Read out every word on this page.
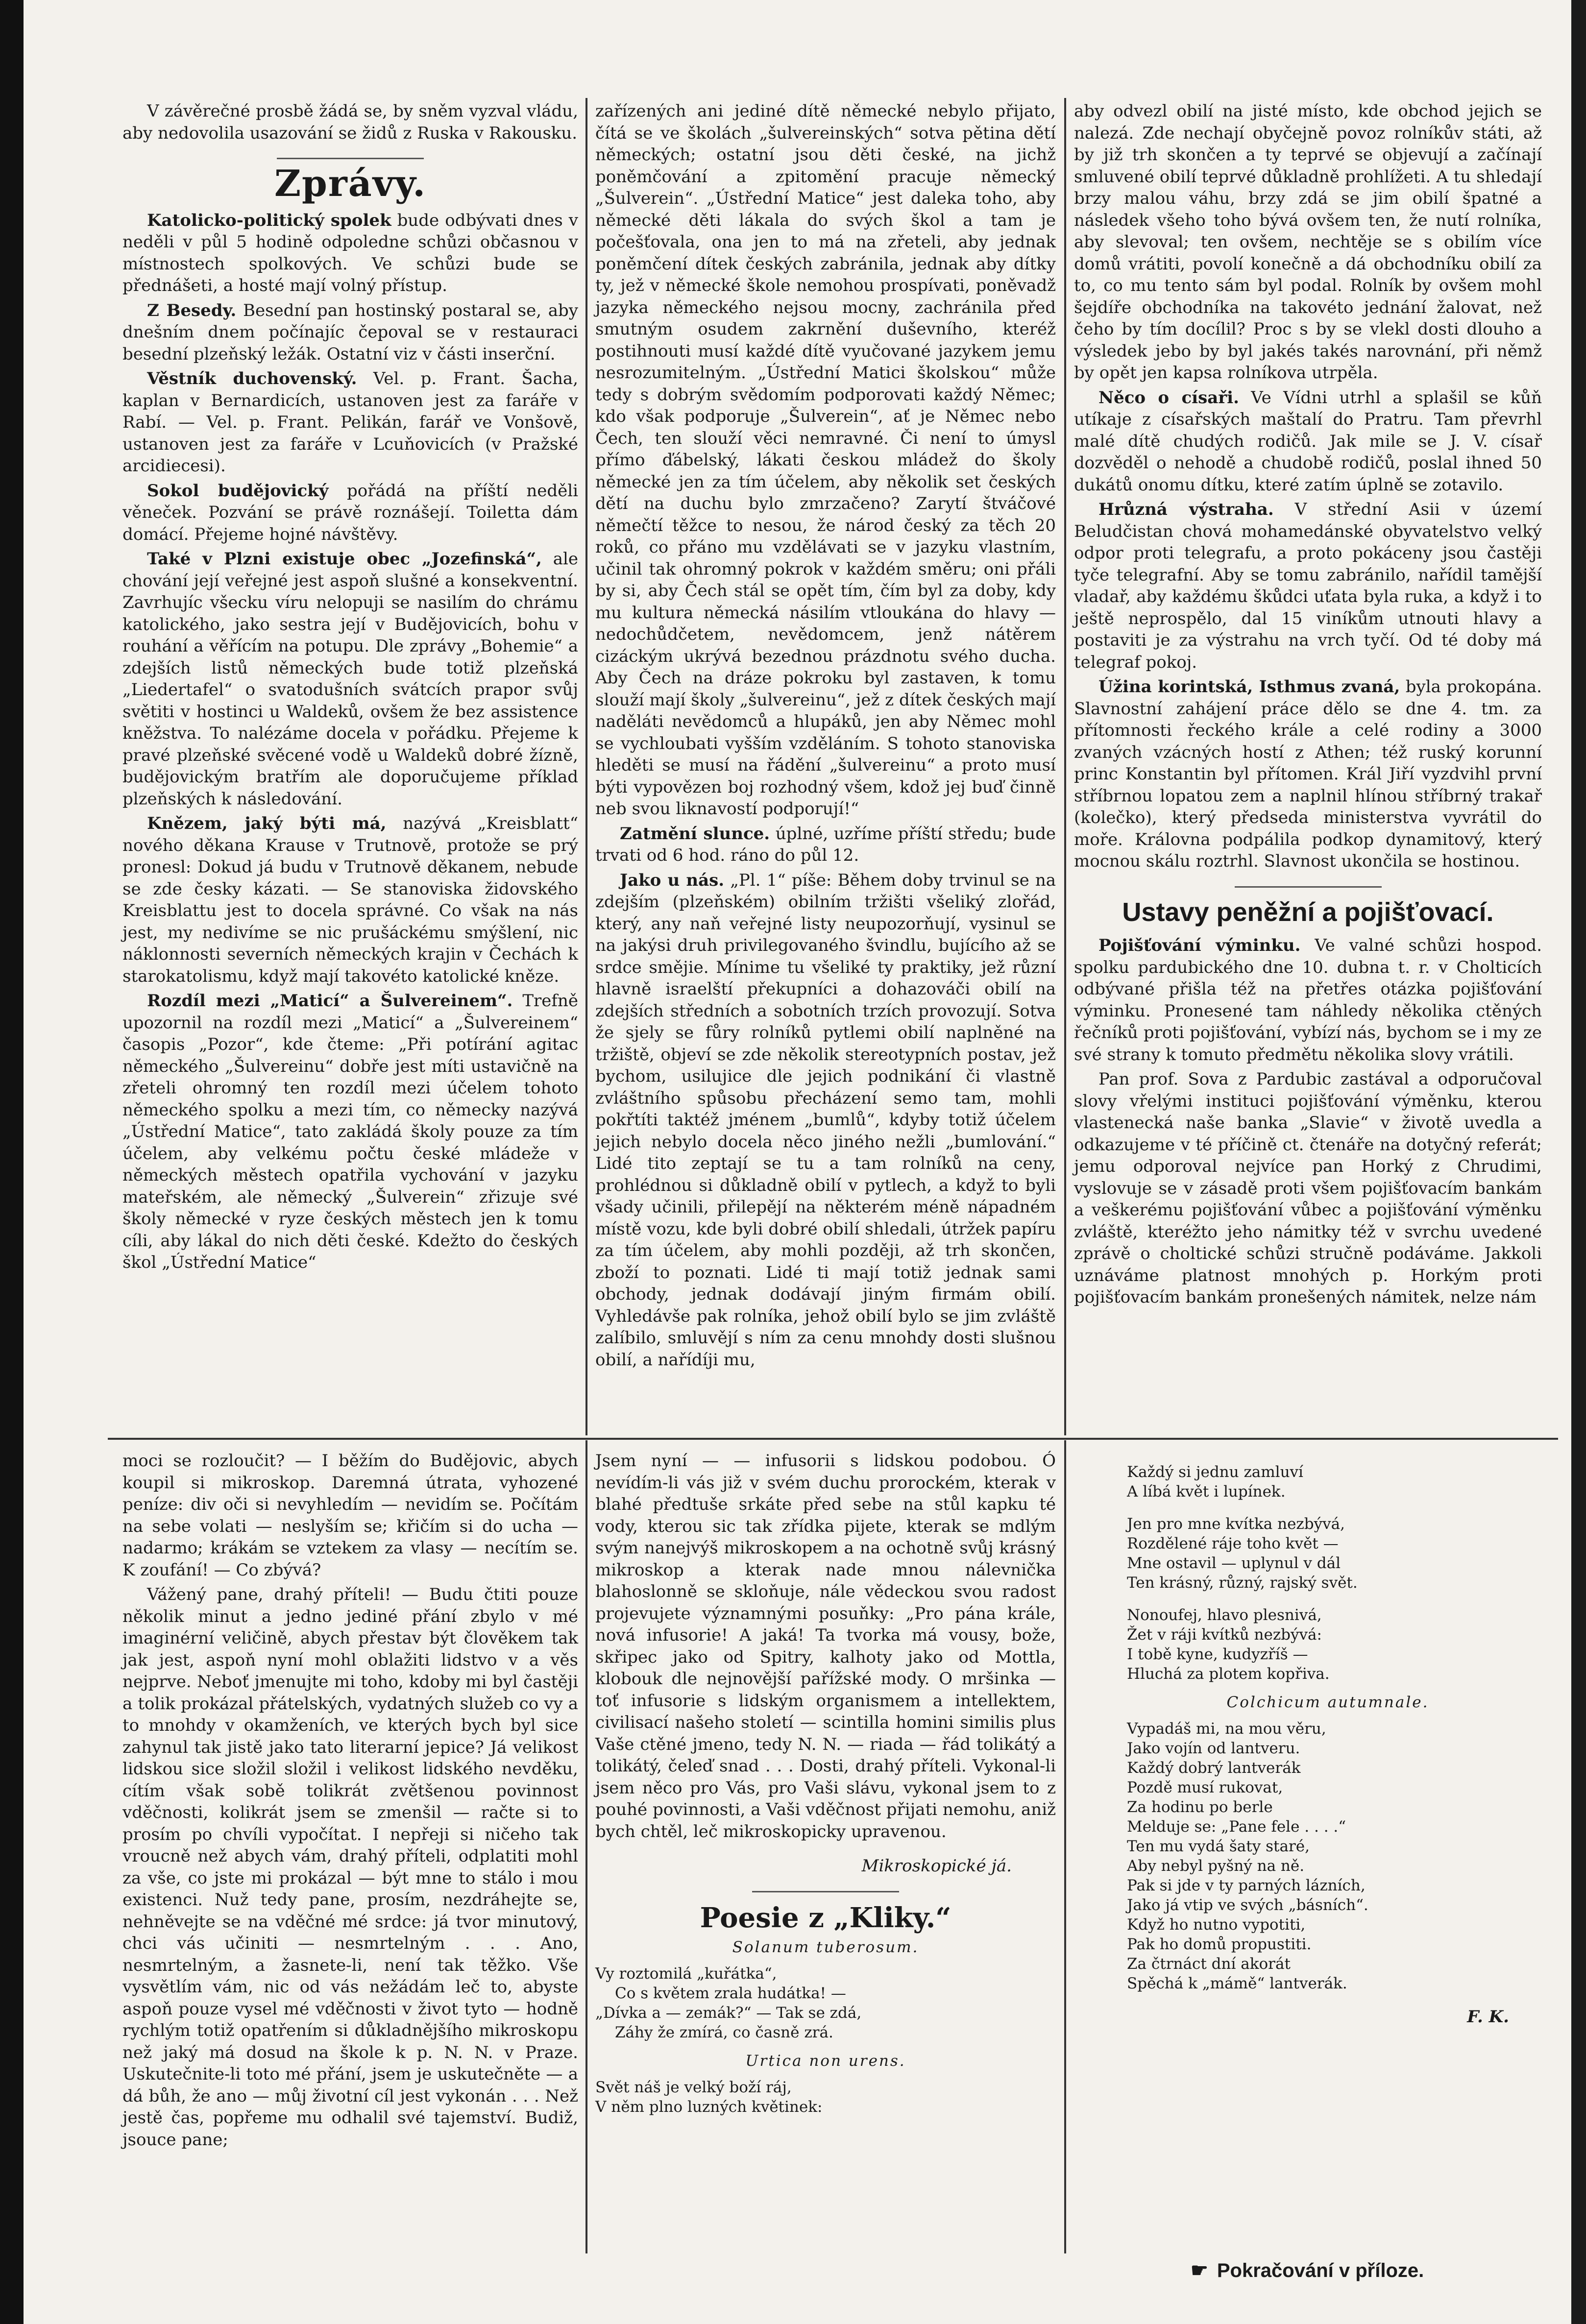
V závěrečné prosbě žádá se, by sněm vyzval vládu, aby nedovolila usazování se židů z Ruska v Rakousku.

Zprávy.

Katolicko-politický spolek bude odbývati dnes v neděli v půl 5 hodině odpoledne schůzi občasnou v místnostech spolkových. Ve schůzi bude se přednášeti, a hosté mají volný přístup.

Z Besedy. Besední pan hostinský postaral se, aby dnešním dnem počínajíc čepoval se v restauraci besední plzeňský ležák. Ostatní viz v části inserční.

Věstník duchovenský. Vel. p. Frant. Šacha, kaplan v Bernardicích, ustanoven jest za faráře v Rabí. — Vel. p. Frant. Pelikán, farář ve Vonšově, ustanoven jest za faráře v Lcuňovicích (v Pražské arcidiecesi).

Sokol budějovický pořádá na příští neděli věneček. Pozvání se právě roznášejí. Toiletta dám domácí. Přejeme hojné návštěvy.

Také v Plzni existuje obec „Jozefinská“, ale chování její veřejné jest aspoň slušné a konsekventní. Zavrhujíc všecku víru nelopuji se nasilím do chrámu katolického, jako sestra její v Budějovicích, bohu v rouhání a věřícím na potupu. Dle zprávy „Bohemie“ a zdejších listů německých bude totiž plzeňská „Liedertafel“ o svatodušních svátcích prapor svůj světiti v hostinci u Waldeků, ovšem že bez assistence kněžstva. To nalézáme docela v pořádku. Přejeme k pravé plzeňské svěcené vodě u Waldeků dobré žízně, budějovickým bratřím ale doporučujeme příklad plzeňských k následování.

Knězem, jaký býti má, nazývá „Kreisblatt“ nového děkana Krause v Trutnově, protože se prý pronesl: Dokud já budu v Trutnově děkanem, nebude se zde česky kázati. — Se stanoviska židovského Kreisblattu jest to docela správné. Co však na nás jest, my nedivíme se nic prušáckému smýšlení, nic náklonnosti severních německých krajin v Čechách k starokatolismu, když mají takovéto katolické kněze.

Rozdíl mezi „Maticí“ a Šulvereinem“. Trefně upozornil na rozdíl mezi „Maticí“ a „Šulvereinem“ časopis „Pozor“, kde čteme: „Při potírání agitac německého „Šulvereinu“ dobře jest míti ustavičně na zřeteli ohromný ten rozdíl mezi účelem tohoto německého spolku a mezi tím, co německy nazývá „Ústřední Matice“, tato zakládá školy pouze za tím účelem, aby velkému počtu české mládeže v německých městech opatřila vychování v jazyku mateřském, ale německý „Šulverein“ zřizuje své školy německé v ryze českých městech jen k tomu cíli, aby lákal do nich děti české. Kdežto do českých škol „Ústřední Matice“

zařízených ani jediné dítě německé nebylo přijato, čítá se ve školách „šulvereinských“ sotva pětina dětí německých; ostatní jsou děti české, na jichž poněmčování a zpitomění pracuje německý „Šulverein“. „Ústřední Matice“ jest daleka toho, aby německé děti lákala do svých škol a tam je počešťovala, ona jen to má na zřeteli, aby jednak poněmčení dítek českých zabránila, jednak aby dítky ty, jež v německé škole nemohou prospívati, poněvadž jazyka německého nejsou mocny, zachránila před smutným osudem zakrnění duševního, kteréž postihnouti musí každé dítě vyučované jazykem jemu nesrozumitelným. „Ústřední Matici školskou“ může tedy s dobrým svědomím podporovati každý Němec; kdo však podporuje „Šulverein“, ať je Němec nebo Čech, ten slouží věci nemravné. Či není to úmysl přímo ďábelský, lákati českou mládež do školy německé jen za tím účelem, aby několik set českých dětí na duchu bylo zmrzačeno? Zarytí štváčové němečtí těžce to nesou, že národ český za těch 20 roků, co přáno mu vzdělávati se v jazyku vlastním, učinil tak ohromný pokrok v každém směru; oni přáli by si, aby Čech stál se opět tím, čím byl za doby, kdy mu kultura německá násilím vtloukána do hlavy — nedochůdčetem, nevědomcem, jenž nátěrem cizáckým ukrývá bezednou prázdnotu svého ducha. Aby Čech na dráze pokroku byl zastaven, k tomu slouží mají školy „šulvereinu“, jež z dítek českých mají naděláti nevědomců a hlupáků, jen aby Němec mohl se vychloubati vyšším vzděláním. S tohoto stanoviska hleděti se musí na řádění „šulvereinu“ a proto musí býti vypovězen boj rozhodný všem, kdož jej buď činně neb svou liknavostí podporují!“

Zatmění slunce. úplné, uzříme příští středu; bude trvati od 6 hod. ráno do půl 12.

Jako u nás. „Pl. 1“ píše: Během doby trvinul se na zdejším (plzeňském) obilním tržišti všeliký zlořád, který, any naň veřejné listy neupozorňují, vysinul se na jakýsi druh privilegovaného švindlu, bujícího až se srdce smějie. Mínime tu všeliké ty praktiky, jež různí hlavně israelští překupníci a dohazováči obilí na zdejších středních a sobotních trzích provozují. Sotva že sjely se fůry rolníků pytlemi obilí naplněné na tržiště, objeví se zde několik stereotypních postav, jež bychom, usilujice dle jejich podnikání či vlastně zvláštního spůsobu přecházení semo tam, mohli pokřtíti taktéž jménem „bumlů“, kdyby totiž účelem jejich nebylo docela něco jiného nežli „bumlování.“ Lidé tito zeptají se tu a tam rolníků na ceny, prohlédnou si důkladně obilí v pytlech, a když to byli všady učinili, přilepějí na některém méně nápadném místě vozu, kde byli dobré obilí shledali, útržek papíru za tím účelem, aby mohli později, až trh skončen, zboží to poznati. Lidé ti mají totiž jednak sami obchody, jednak dodávají jiným firmám obilí. Vyhledávše pak rolníka, jehož obilí bylo se jim zvláště zalíbilo, smluvějí s ním za cenu mnohdy dosti slušnou obilí, a nařídíji mu,

aby odvezl obilí na jisté místo, kde obchod jejich se nalezá. Zde nechají obyčejně povoz rolníkův státi, až by již trh skončen a ty teprvé se objevují a začínají smluvené obilí teprvé důkladně prohlížeti. A tu shledají brzy malou váhu, brzy zdá se jim obilí špatné a následek všeho toho bývá ovšem ten, že nutí rolníka, aby slevoval; ten ovšem, nechtěje se s obilím více domů vrátiti, povolí konečně a dá obchodníku obilí za to, co mu tento sám byl podal. Rolník by ovšem mohl šejdíře obchodníka na takovéto jednání žalovat, než čeho by tím docílil? Proc s by se vlekl dosti dlouho a výsledek jebo by byl jakés takés narovnání, při němž by opět jen kapsa rolníkova utrpěla.

Něco o císaři. Ve Vídni utrhl a splašil se kůň utíkaje z císařských maštalí do Pratru. Tam převrhl malé dítě chudých rodičů. Jak mile se J. V. císař dozvěděl o nehodě a chudobě rodičů, poslal ihned 50 dukátů onomu dítku, které zatím úplně se zotavilo.

Hrůzná výstraha. V střední Asii v území Beludčistan chová mohamedánské obyvatelstvo velký odpor proti telegrafu, a proto pokáceny jsou častěji tyče telegrafní. Aby se tomu zabránilo, nařídil tamější vladař, aby každému škůdci uťata byla ruka, a když i to ještě neprospělo, dal 15 viníkům utnouti hlavy a postaviti je za výstrahu na vrch tyčí. Od té doby má telegraf pokoj.

Úžina korintská, Isthmus zvaná, byla prokopána. Slavnostní zahájení práce dělo se dne 4. tm. za přítomnosti řeckého krále a celé rodiny a 3000 zvaných vzácných hostí z Athen; též ruský korunní princ Konstantin byl přítomen. Král Jiří vyzdvihl první stříbrnou lopatou zem a naplnil hlínou stříbrný trakař (kolečko), který předseda ministerstva vyvrátil do moře. Královna podpálila podkop dynamitový, který mocnou skálu roztrhl. Slavnost ukončila se hostinou.

Ustavy peněžní a pojišťovací.

Pojišťování výminku. Ve valné schůzi hospod. spolku pardubického dne 10. dubna t. r. v Cholticích odbývané přišla též na přetřes otázka pojišťování výminku. Pronesené tam náhledy několika ctěných řečníků proti pojišťování, vybízí nás, bychom se i my ze své strany k tomuto předmětu několika slovy vrátili.

Pan prof. Sova z Pardubic zastával a odporučoval slovy vřelými instituci pojišťování výměnku, kterou vlastenecká naše banka „Slavie“ v životě uvedla a odkazujeme v té příčině ct. čtenáře na dotyčný referát; jemu odporoval nejvíce pan Horký z Chrudimi, vyslovuje se v zásadě proti všem pojišťovacím bankám a veškerému pojišťování vůbec a pojišťování výměnku zvláště, kteréžto jeho námitky též v svrchu uvedené zprávě o choltické schůzi stručně podáváme. Jakkoli uznáváme platnost mnohých p. Horkým proti pojišťovacím bankám pronešených námitek, nelze nám

moci se rozloučit? — I běžím do Budějovic, abych koupil si mikroskop. Daremná útrata, vyhozené peníze: div oči si nevyhledím — nevidím se. Počítám na sebe volati — neslyším se; křičím si do ucha — nadarmo; krákám se vztekem za vlasy — necítím se. K zoufání! — Co zbývá?

Vážený pane, drahý příteli! — Budu čtiti pouze několik minut a jedno jediné přání zbylo v mé imaginérní veličině, abych přestav být člověkem tak jak jest, aspoň nyní mohl oblažiti lidstvo v a věs nejprve. Neboť jmenujte mi toho, kdoby mi byl častěji a tolik prokázal přátelských, vydatných služeb co vy a to mnohdy v okamženích, ve kterých bych byl sice zahynul tak jistě jako tato literarní jepice? Já velikost lidskou sice složil složil i velikost lidského nevděku, cítím však sobě tolikrát zvětšenou povinnost vděčnosti, kolikrát jsem se zmenšil — račte si to prosím po chvíli vypočítat. I nepřeji si ničeho tak vroucně než abych vám, drahý příteli, odplatiti mohl za vše, co jste mi prokázal — být mne to stálo i mou existenci. Nuž tedy pane, prosím, nezdráhejte se, nehněvejte se na vděčné mé srdce: já tvor minutový, chci vás učiniti — nesmrtelným . . . Ano, nesmrtelným, a žasnete-li, není tak těžko. Vše vysvětlím vám, nic od vás nežádám leč to, abyste aspoň pouze vysel mé vděčnosti v život tyto — hodně rychlým totiž opatřením si důkladnějšího mikroskopu než jaký má dosud na škole k p. N. N. v Praze. Uskutečnite-li toto mé přání, jsem je uskutečněte — a dá bůh, že ano — můj životní cíl jest vykonán . . . Než jestě čas, popřeme mu odhalil své tajemství. Budiž, jsouce pane;

Jsem nyní — — infusorii s lidskou podobou. Ó nevídím-li vás již v svém duchu prorockém, kterak v blahé předtuše srkáte před sebe na stůl kapku té vody, kterou sic tak zřídka pijete, kterak se mdlým svým nanejvýš mikroskopem a na ochotně svůj krásný mikroskop a kterak nade mnou nálevnička blahoslonně se skloňuje, nále vědeckou svou radost projevujete významnými posuňky: „Pro pána krále, nová infusorie! A jaká! Ta tvorka má vousy, bože, skřipec jako od Spitry, kalhoty jako od Mottla, klobouk dle nejnovější pařížské mody. O mršinka — toť infusorie s lidským organismem a intellektem, civilisací našeho století — scintilla homini similis plus Vaše ctěné jmeno, tedy N. N. — riada — řád tolikátý a tolikátý, čeleď snad . . . Dosti, drahý příteli. Vykonal-li jsem něco pro Vás, pro Vaši slávu, vykonal jsem to z pouhé povinnosti, a Vaši vděčnost přijati nemohu, aniž bych chtěl, leč mikroskopicky upravenou.

Mikroskopické já.
Poesie z „Kliky.“
Solanum tuberosum.
Vy roztomilá „kuřátka“,
Co s květem zrala hudátka! —
„Dívka a — zemák?“ — Tak se zdá,
Záhy že zmírá, co časně zrá.
Urtica non urens.
Svět náš je velký boží ráj,
V něm plno luzných květinek:
Každý si jednu zamluví
A líbá květ i lupínek.
Jen pro mne kvítka nezbývá,
Rozdělené ráje toho květ —
Mne ostavil — uplynul v dál
Ten krásný, různý, rajský svět.
Nonoufej, hlavo plesnivá,
Žet v ráji kvítků nezbývá:
I tobě kyne, kudyzříš —
Hluchá za plotem kopřiva.
Colchicum autumnale.
Vypadáš mi, na mou věru,
Jako vojín od lantveru.
Každý dobrý lantverák
Pozdě musí rukovat,
Za hodinu po berle
Melduje se: „Pane fele . . . .“
Ten mu vydá šaty staré,
Aby nebyl pyšný na ně.
Pak si jde v ty parných lázních,
Jako já vtip ve svých „básních“.
Když ho nutno vypotiti,
Pak ho domů propustiti.
Za čtrnáct dní akorát
Spěchá k „mámě“ lantverák.
F. K.
☛ Pokračování v příloze.
